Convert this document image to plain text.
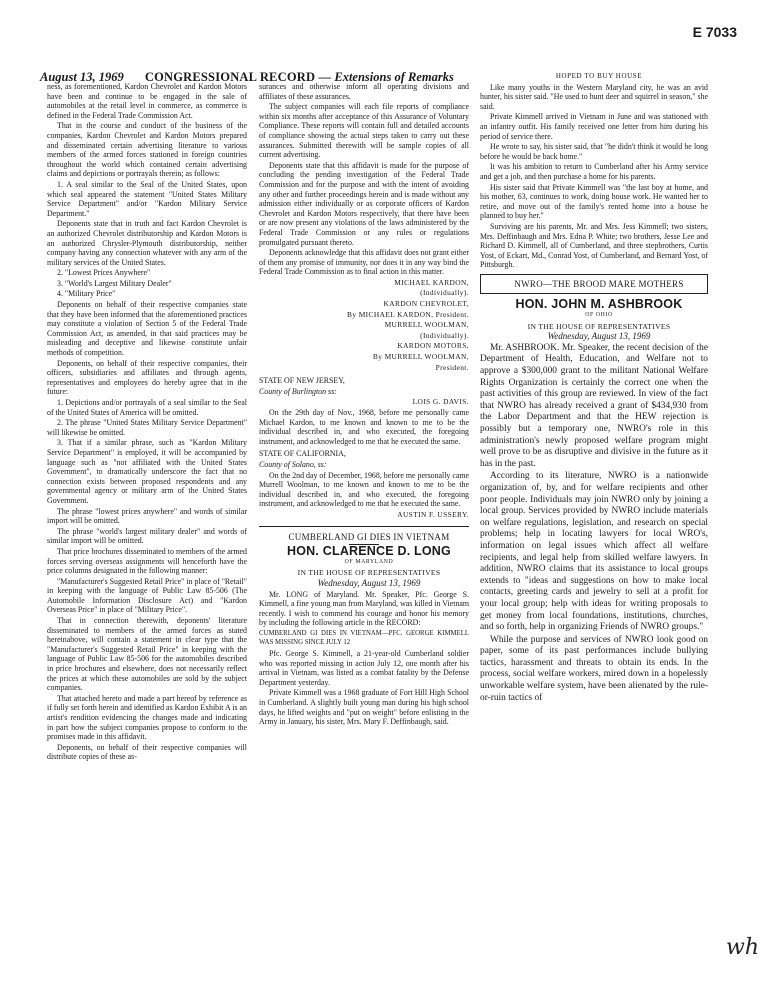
E 7033
August 13, 1969 CONGRESSIONAL RECORD — Extensions of Remarks

ness, as forementioned, Kardon Chevrolet and Kardon Motors have been and continue to be engaged in the sale of automobiles at the retail level in commerce, as commerce is defined in the Federal Trade Commission Act.

That in the course and conduct of the business of the companies, Kardon Chevrolet and Kardon Motors prepared and disseminated certain advertising literature to various members of the armed forces stationed in foreign countries throughout the world which contained certain advertising claims and depictions or portrayals therein; as follows:

1. A seal similar to the Seal of the United States, upon which seal appeared the statement "United States Military Service Department" and/or "Kardon Military Service Department."

Deponents state that in truth and fact Kardon Chevrolet is an authorized Chevrolet distributorship and Kardon Motors is an authorized Chrysler-Plymouth distributorship, neither company having any connection whatever with any arm of the military services of the United States.

2. "Lowest Prices Anywhere"

3. "World's Largest Military Dealer"

4. "Military Price"

Deponents on behalf of their respective companies state that they have been informed that the aforementioned practices may constitute a violation of Section 5 of the Federal Trade Commission Act, as amended, in that said practices may be misleading and deceptive and likewise constitute unfair methods of competition.

Deponents, on behalf of their respective companies, their officers, subsidiaries and affiliates and through agents, representatives and employees do hereby agree that in the future:

1. Depictions and/or portrayals of a seal similar to the Seal of the United States of America will be omitted.

2. The phrase "United States Military Service Department" will likewise be omitted.

3. That if a similar phrase, such as "Kardon Military Service Department" is employed, it will be accompanied by language such as "not affiliated with the United States Government", to dramatically underscore the fact that no connection exists between proposed respondents and any governmental agency or military arm of the United States Government.

The phrase "lowest prices anywhere" and words of similar import will be omitted.

The phrase "world's largest military dealer" and words of similar import will be omitted.

That price brochures disseminated to members of the armed forces serving overseas assignments will henceforth have the price columns designated in the following manner:

"Manufacturer's Suggested Retail Price" in place of "Retail" in keeping with the language of Public Law 85-506 (The Automobile Information Disclosure Act) and "Kardon Overseas Price" in place of "Military Price".

That in connection therewith, deponents' literature disseminated to members of the armed forces as stated hereinabove, will contain a statement in clear type that the "Manufacturer's Suggested Retail Price" in keeping with the language of Public Law 85-506 for the automobiles described in price brochures and elsewhere, does not necessarily reflect the prices at which these automobiles are sold by the subject companies.

That attached hereto and made a part hereof by reference as if fully set forth herein and identified as Kardon Exhibit A is an artist's rendition evidencing the changes made and indicating in part how the subject companies propose to conform to the promises made in this affidavit.

Deponents, on behalf of their respective companies will distribute copies of these as-

surances and otherwise inform all operating divisions and affiliates of these assurances.

The subject companies will each file reports of compliance within six months after acceptance of this Assurance of Voluntary Compliance. These reports will contain full and detailed accounts of compliance showing the actual steps taken to carry out these assurances. Submitted therewith will be sample copies of all current advertising.

Deponents state that this affidavit is made for the purpose of concluding the pending investigation of the Federal Trade Commission and for the purpose and with the intent of avoiding any other and further proceedings herein and is made without any admission either individually or as corporate officers of Kardon Chevrolet and Kardon Motors respectively, that there have been or are now present any violations of the laws administered by the Federal Trade Commission or any rules or regulations promulgated pursuant thereto.

Deponents acknowledge that this affidavit does not grant either of them any promise of immunity, nor does it in any way bind the Federal Trade Commission as to final action in this matter.

MICHAEL KARDON,

(Individually).

KARDON CHEVROLET,

By MICHAEL KARDON, President.

MURRELL WOOLMAN,

(Individually).

KARDON MOTORS,

By MURRELL WOOLMAN,

President.

STATE OF NEW JERSEY,

County of Burlington ss:

LOIS G. DAVIS.

On the 29th day of Nov., 1968, before me personally came Michael Kardon, to me known and known to me to be the individual described in, and who executed, the foregoing instrument, and acknowledged to me that he executed the same.

STATE OF CALIFORNIA,

County of Solano, ss:

On the 2nd day of December, 1968, before me personally came Murrell Woolman, to me known and known to me to be the individual described in, and who executed, the foregoing instrument, and acknowledged to me that he executed the same.

AUSTIN F. USSERY.

CUMBERLAND GI DIES IN VIETNAM

HON. CLARENCE D. LONG

OF MARYLAND

IN THE HOUSE OF REPRESENTATIVES

Wednesday, August 13, 1969

Mr. LONG of Maryland. Mr. Speaker, Pfc. George S. Kimmell, a fine young man from Maryland, was killed in Vietnam recently. I wish to commend his courage and honor his memory by including the following article in the RECORD:

CUMBERLAND GI DIES IN VIETNAM—PFC. GEORGE KIMMELL WAS MISSING SINCE JULY 12

Pfc. George S. Kimmell, a 21-year-old Cumberland soldier who was reported missing in action July 12, one month after his arrival in Vietnam, was listed as a combat fatality by the Defense Department yesterday.

Private Kimmell was a 1968 graduate of Fort Hill High School in Cumberland. A slightly built young man during his high school days, he lifted weights and "put on weight" before enlisting in the Army in January, his sister, Mrs. Mary F. Deffinbaugh, said.

HOPED TO BUY HOUSE

Like many youths in the Western Maryland city, he was an avid hunter, his sister said. "He used to hunt deer and squirrel in season," she said.

Private Kimmell arrived in Vietnam in June and was stationed with an infantry outfit. His family received one letter from him during his period of service there.

He wrote to say, his sister said, that "he didn't think it would be long before he would be back home."

It was his ambition to return to Cumberland after his Army service and get a job, and then purchase a home for his parents.

His sister said that Private Kimmell was "the last boy at home, and his mother, 63, continues to work, doing house work. He wanted her to retire, and move out of the family's rented home into a house he planned to buy her."

Surviving are his parents, Mr. and Mrs. Jess Kimmell; two sisters, Mrs. Deffinbaugh and Mrs. Edna P. White; two brothers, Jesse Lee and Richard D. Kimmell, all of Cumberland, and three stepbrothers, Curtis Yost, of Eckart, Md., Conrad Yost, of Cumberland, and Bernard Yost, of Pittsburgh.

NWRO—THE BROOD MARE MOTHERS

HON. JOHN M. ASHBROOK

OF OHIO

IN THE HOUSE OF REPRESENTATIVES

Wednesday, August 13, 1969

Mr. ASHBROOK. Mr. Speaker, the recent decision of the Department of Health, Education, and Welfare not to approve a $300,000 grant to the militant National Welfare Rights Organization is certainly the correct one when the past activities of this group are reviewed. In view of the fact that NWRO has already received a grant of $434,930 from the Labor Department and that the HEW rejection is possibly but a temporary one, NWRO's role in this administration's newly proposed welfare program might well prove to be as disruptive and divisive in the future as it has in the past.

According to its literature, NWRO is a nationwide organization of, by, and for welfare recipients and other poor people. Individuals may join NWRO only by joining a local group. Services provided by NWRO include materials on welfare regulations, legislation, and research on special problems; help in locating lawyers for local WRO's, information on legal issues which affect all welfare recipients, and legal help from skilled welfare lawyers. In addition, NWRO claims that its assistance to local groups extends to "ideas and suggestions on how to make local contacts, greeting cards and jewelry to sell at a profit for your local group; help with ideas for writing proposals to get money from local foundations, institutions, churches, and so forth, help in organizing Friends of NWRO groups."

While the purpose and services of NWRO look good on paper, some of its past performances include bullying tactics, harassment and threats to obtain its ends. In the process, social welfare workers, mired down in a hopelessly unworkable welfare system, have been alienated by the rule-or-ruin tactics of

wh
